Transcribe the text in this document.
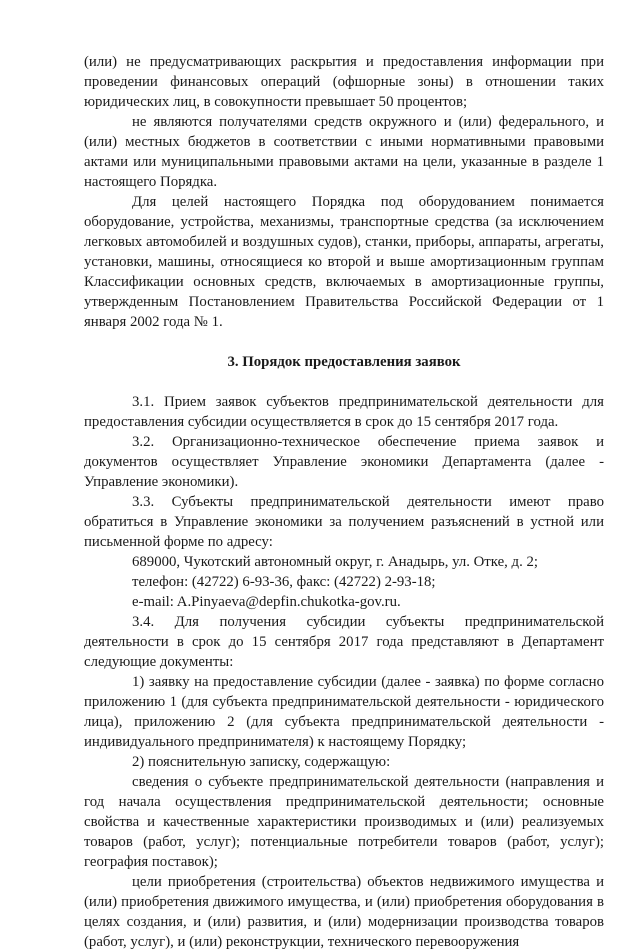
(или) не предусматривающих раскрытия и предоставления информации при проведении финансовых операций (офшорные зоны) в отношении таких юридических лиц, в совокупности превышает 50 процентов;

не являются получателями средств окружного и (или) федерального, и (или) местных бюджетов в соответствии с иными нормативными правовыми актами или муниципальными правовыми актами на цели, указанные в разделе 1 настоящего Порядка.

Для целей настоящего Порядка под оборудованием понимается оборудование, устройства, механизмы, транспортные средства (за исключением легковых автомобилей и воздушных судов), станки, приборы, аппараты, агрегаты, установки, машины, относящиеся ко второй и выше амортизационным группам Классификации основных средств, включаемых в амортизационные группы, утвержденным Постановлением Правительства Российской Федерации от 1 января 2002 года № 1.

3. Порядок предоставления заявок

3.1. Прием заявок субъектов предпринимательской деятельности для предоставления субсидии осуществляется в срок до 15 сентября 2017 года.

3.2. Организационно-техническое обеспечение приема заявок и документов осуществляет Управление экономики Департамента (далее - Управление экономики).

3.3. Субъекты предпринимательской деятельности имеют право обратиться в Управление экономики за получением разъяснений в устной или письменной форме по адресу:

689000, Чукотский автономный округ, г. Анадырь, ул. Отке, д. 2;

телефон: (42722) 6-93-36, факс: (42722) 2-93-18;

e-mail: A.Pinyaeva@depfin.chukotka-gov.ru.

3.4. Для получения субсидии субъекты предпринимательской деятельности в срок до 15 сентября 2017 года представляют в Департамент следующие документы:

1) заявку на предоставление субсидии (далее - заявка) по форме согласно приложению 1 (для субъекта предпринимательской деятельности - юридического лица), приложению 2 (для субъекта предпринимательской деятельности - индивидуального предпринимателя) к настоящему Порядку;

2) пояснительную записку, содержащую:

сведения о субъекте предпринимательской деятельности (направления и год начала осуществления предпринимательской деятельности; основные свойства и качественные характеристики производимых и (или) реализуемых товаров (работ, услуг); потенциальные потребители товаров (работ, услуг); география поставок);

цели приобретения (строительства) объектов недвижимого имущества и (или) приобретения движимого имущества, и (или) приобретения оборудования в целях создания, и (или) развития, и (или) модернизации производства товаров (работ, услуг), и (или) реконструкции, технического перевооружения
